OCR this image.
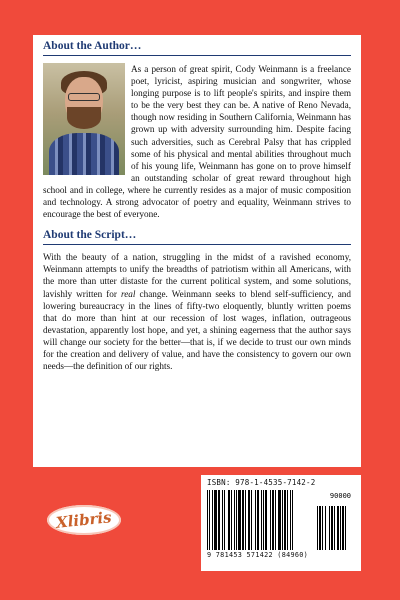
About the Author…

As a person of great spirit, Cody Weinmann is a freelance poet, lyricist, aspiring musician and songwriter, whose longing purpose is to lift people's spirits, and inspire them to be the very best they can be. A native of Reno Nevada, though now residing in Southern California, Weinmann has grown up with adversity surrounding him. Despite facing such adversities, such as Cerebral Palsy that has crippled some of his physical and mental abilities throughout much of his young life, Weinmann has gone on to prove himself an outstanding scholar of great reward throughout high school and in college, where he currently resides as a major of music composition and technology. A strong advocator of poetry and equality, Weinmann strives to encourage the best of everyone.

About the Script…

With the beauty of a nation, struggling in the midst of a ravished economy, Weinmann attempts to unify the breadths of patriotism within all Americans, with the more than utter distaste for the current political system, and some solutions, lavishly written for real change. Weinmann seeks to blend self-sufficiency, and lowering bureaucracy in the lines of fifty-two eloquently, bluntly written poems that do more than hint at our recession of lost wages, inflation, outrageous devastation, apparently lost hope, and yet, a shining eagerness that the author says will change our society for the better—that is, if we decide to trust our own minds for the creation and delivery of value, and have the consistency to govern our own needs—the definition of our rights.

Xlibris
ISBN: 978-1-4535-7142-2
90000
9 781453 571422 (84960)
